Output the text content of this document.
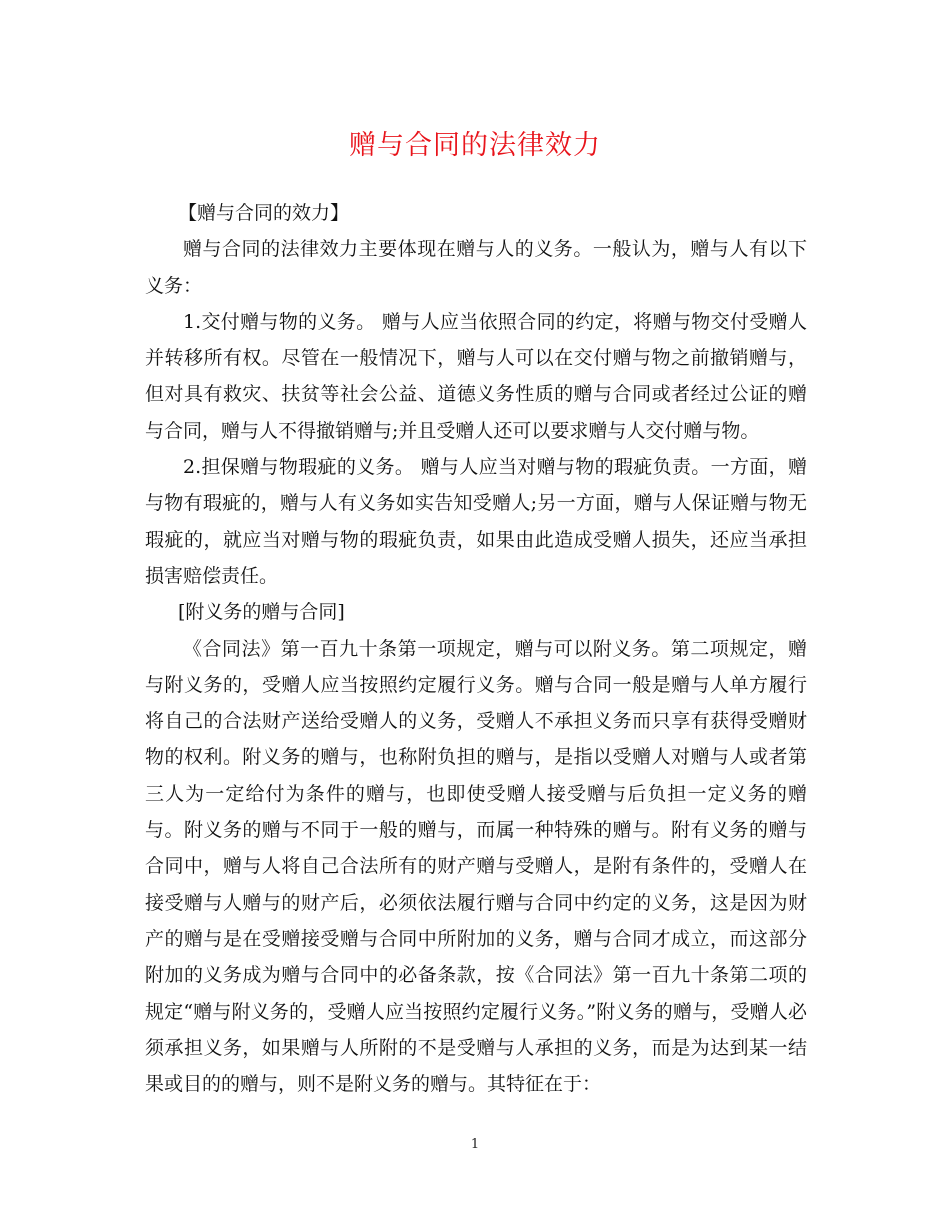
赠与合同的法律效力

【赠与合同的效力】

赠与合同的法律效力主要体现在赠与人的义务。一般认为，赠与人有以下义务：

1.交付赠与物的义务。 赠与人应当依照合同的约定，将赠与物交付受赠人并转移所有权。尽管在一般情况下，赠与人可以在交付赠与物之前撤销赠与，但对具有救灾、扶贫等社会公益、道德义务性质的赠与合同或者经过公证的赠与合同，赠与人不得撤销赠与;并且受赠人还可以要求赠与人交付赠与物。

2.担保赠与物瑕疵的义务。 赠与人应当对赠与物的瑕疵负责。一方面，赠与物有瑕疵的，赠与人有义务如实告知受赠人;另一方面，赠与人保证赠与物无瑕疵的，就应当对赠与物的瑕疵负责，如果由此造成受赠人损失，还应当承担损害赔偿责任。

[附义务的赠与合同]

《合同法》第一百九十条第一项规定，赠与可以附义务。第二项规定，赠与附义务的，受赠人应当按照约定履行义务。赠与合同一般是赠与人单方履行将自己的合法财产送给受赠人的义务，受赠人不承担义务而只享有获得受赠财物的权利。附义务的赠与，也称附负担的赠与，是指以受赠人对赠与人或者第三人为一定给付为条件的赠与，也即使受赠人接受赠与后负担一定义务的赠与。附义务的赠与不同于一般的赠与，而属一种特殊的赠与。附有义务的赠与合同中，赠与人将自己合法所有的财产赠与受赠人，是附有条件的，受赠人在接受赠与人赠与的财产后，必须依法履行赠与合同中约定的义务，这是因为财产的赠与是在受赠接受赠与合同中所附加的义务，赠与合同才成立，而这部分附加的义务成为赠与合同中的必备条款，按《合同法》第一百九十条第二项的规定“赠与附义务的，受赠人应当按照约定履行义务。”附义务的赠与，受赠人必须承担义务，如果赠与人所附的不是受赠与人承担的义务，而是为达到某一结果或目的的赠与，则不是附义务的赠与。其特征在于：

1
